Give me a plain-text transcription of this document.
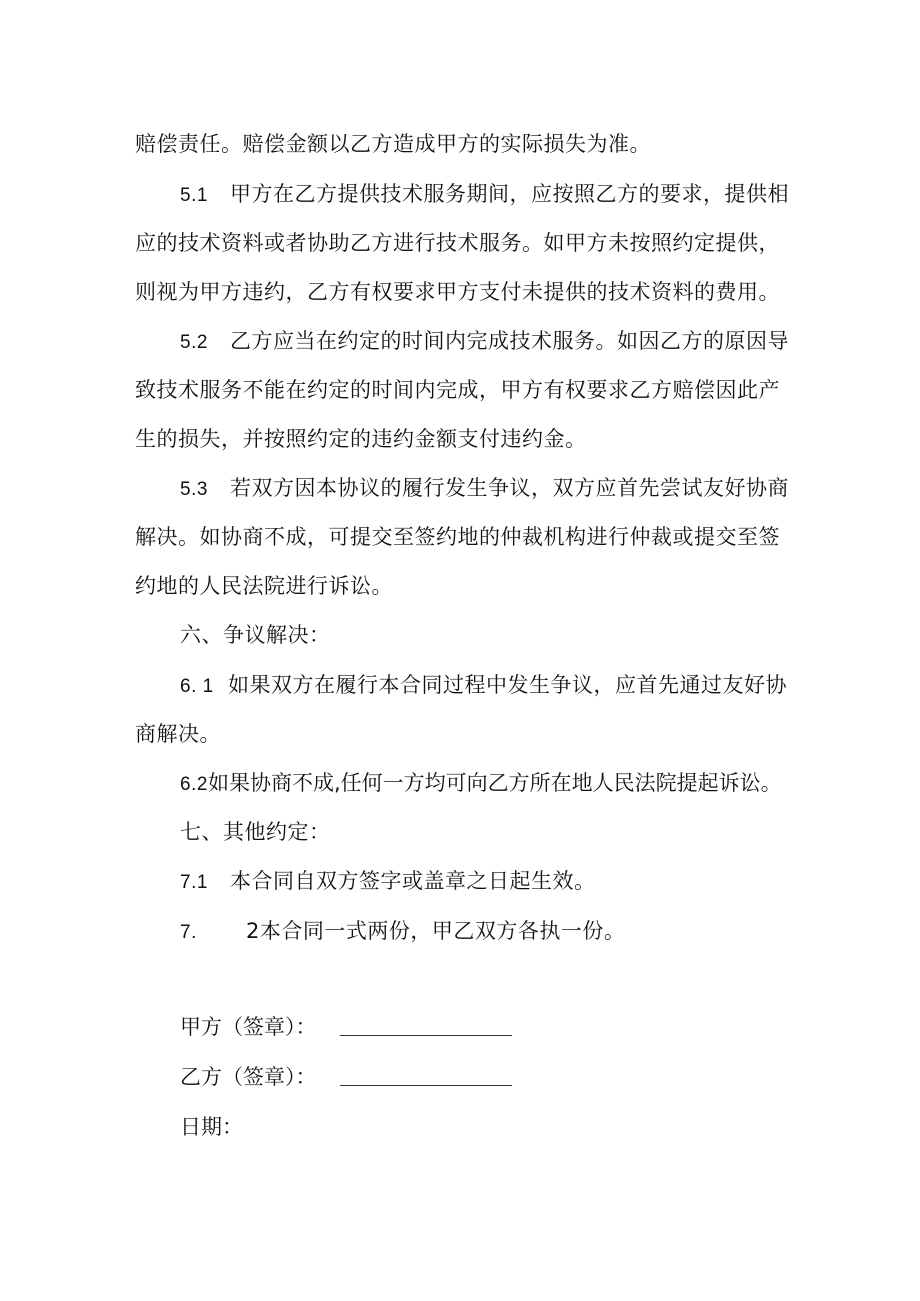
赔偿责任。赔偿金额以乙方造成甲方的实际损失为准。
5.1 甲方在乙方提供技术服务期间，应按照乙方的要求，提供相
应的技术资料或者协助乙方进行技术服务。如甲方未按照约定提供，
则视为甲方违约，乙方有权要求甲方支付未提供的技术资料的费用。
5.2 乙方应当在约定的时间内完成技术服务。如因乙方的原因导
致技术服务不能在约定的时间内完成，甲方有权要求乙方赔偿因此产
生的损失，并按照约定的违约金额支付违约金。
5.3 若双方因本协议的履行发生争议，双方应首先尝试友好协商
解决。如协商不成，可提交至签约地的仲裁机构进行仲裁或提交至签
约地的人民法院进行诉讼。
六、争议解决：
6. 1 如果双方在履行本合同过程中发生争议，应首先通过友好协
商解决。
6.2如果协商不成,任何一方均可向乙方所在地人民法院提起诉讼。
七、其他约定：
7.1 本合同自双方签字或盖章之日起生效。
7. 2本合同一式两份，甲乙双方各执一份。
甲方（签章）：
乙方（签章）：
日期：
